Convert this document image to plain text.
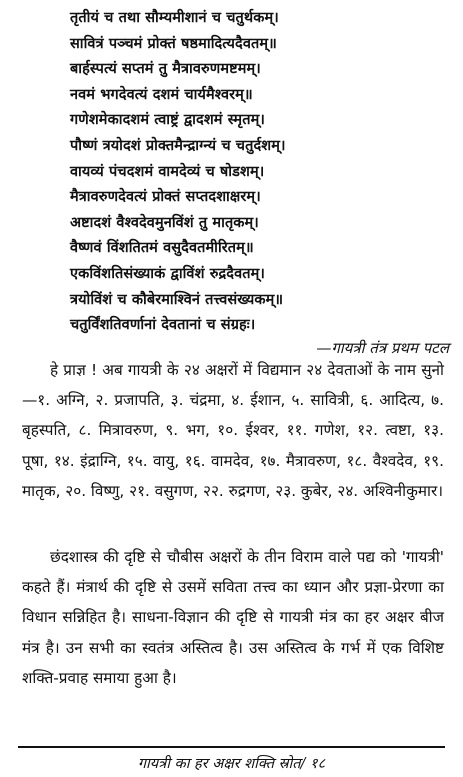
तृतीयं च तथा सौम्यमीशानं च चतुर्थकम्।
सावित्रं पञ्चमं प्रोक्तं षष्ठमादित्यदैवतम्॥
बार्हस्पत्यं सप्तमं तु मैत्रावरुणमष्टमम्।
नवमं भगदेवत्यं दशमं चार्यमैश्वरम्॥
गणेशमेकादशमं त्वाष्ट्रं द्वादशमं स्मृतम्।
पौष्णं त्रयोदशं प्रोक्तमैन्द्राग्न्यं च चतुर्दशम्।
वायव्यं पंचदशमं वामदेव्यं च षोडशम्।
मैत्रावरुणदेवत्यं प्रोक्तं सप्तदशाक्षरम्।
अष्टादशं वैश्वदेवमुनविंशं तु मातृकम्।
वैष्णवं विंशतितमं वसुदैवतमीरितम्॥
एकविंशतिसंख्याकं द्वाविंशं रुद्रदैवतम्।
त्रयोविंशं च कौबेरमाश्विनं तत्त्वसंख्यकम्॥
चतुर्विंशतिवर्णानां देवतानां च संग्रहः।
—गायत्री तंत्र प्रथम पटल

हे प्राज्ञ ! अब गायत्री के २४ अक्षरों में विद्यमान २४ देवताओं के नाम सुनो—१. अग्नि, २. प्रजापति, ३. चंद्रमा, ४. ईशान, ५. सावित्री, ६. आदित्य, ७. बृहस्पति, ८. मित्रावरुण, ९. भग, १०. ईश्वर, ११. गणेश, १२. त्वष्टा, १३. पूषा, १४. इंद्राग्नि, १५. वायु, १६. वामदेव, १७. मैत्रावरुण, १८. वैश्वदेव, १९. मातृक, २०. विष्णु, २१. वसुगण, २२. रुद्रगण, २३. कुबेर, २४. अश्विनीकुमार।

छंदशास्त्र की दृष्टि से चौबीस अक्षरों के तीन विराम वाले पद्य को 'गायत्री' कहते हैं। मंत्रार्थ की दृष्टि से उसमें सविता तत्त्व का ध्यान और प्रज्ञा-प्रेरणा का विधान सन्निहित है। साधना-विज्ञान की दृष्टि से गायत्री मंत्र का हर अक्षर बीज मंत्र है। उन सभी का स्वतंत्र अस्तित्व है। उस अस्तित्व के गर्भ में एक विशिष्ट शक्ति-प्रवाह समाया हुआ है।

गायत्री का हर अक्षर शक्ति स्रोत/ १८
